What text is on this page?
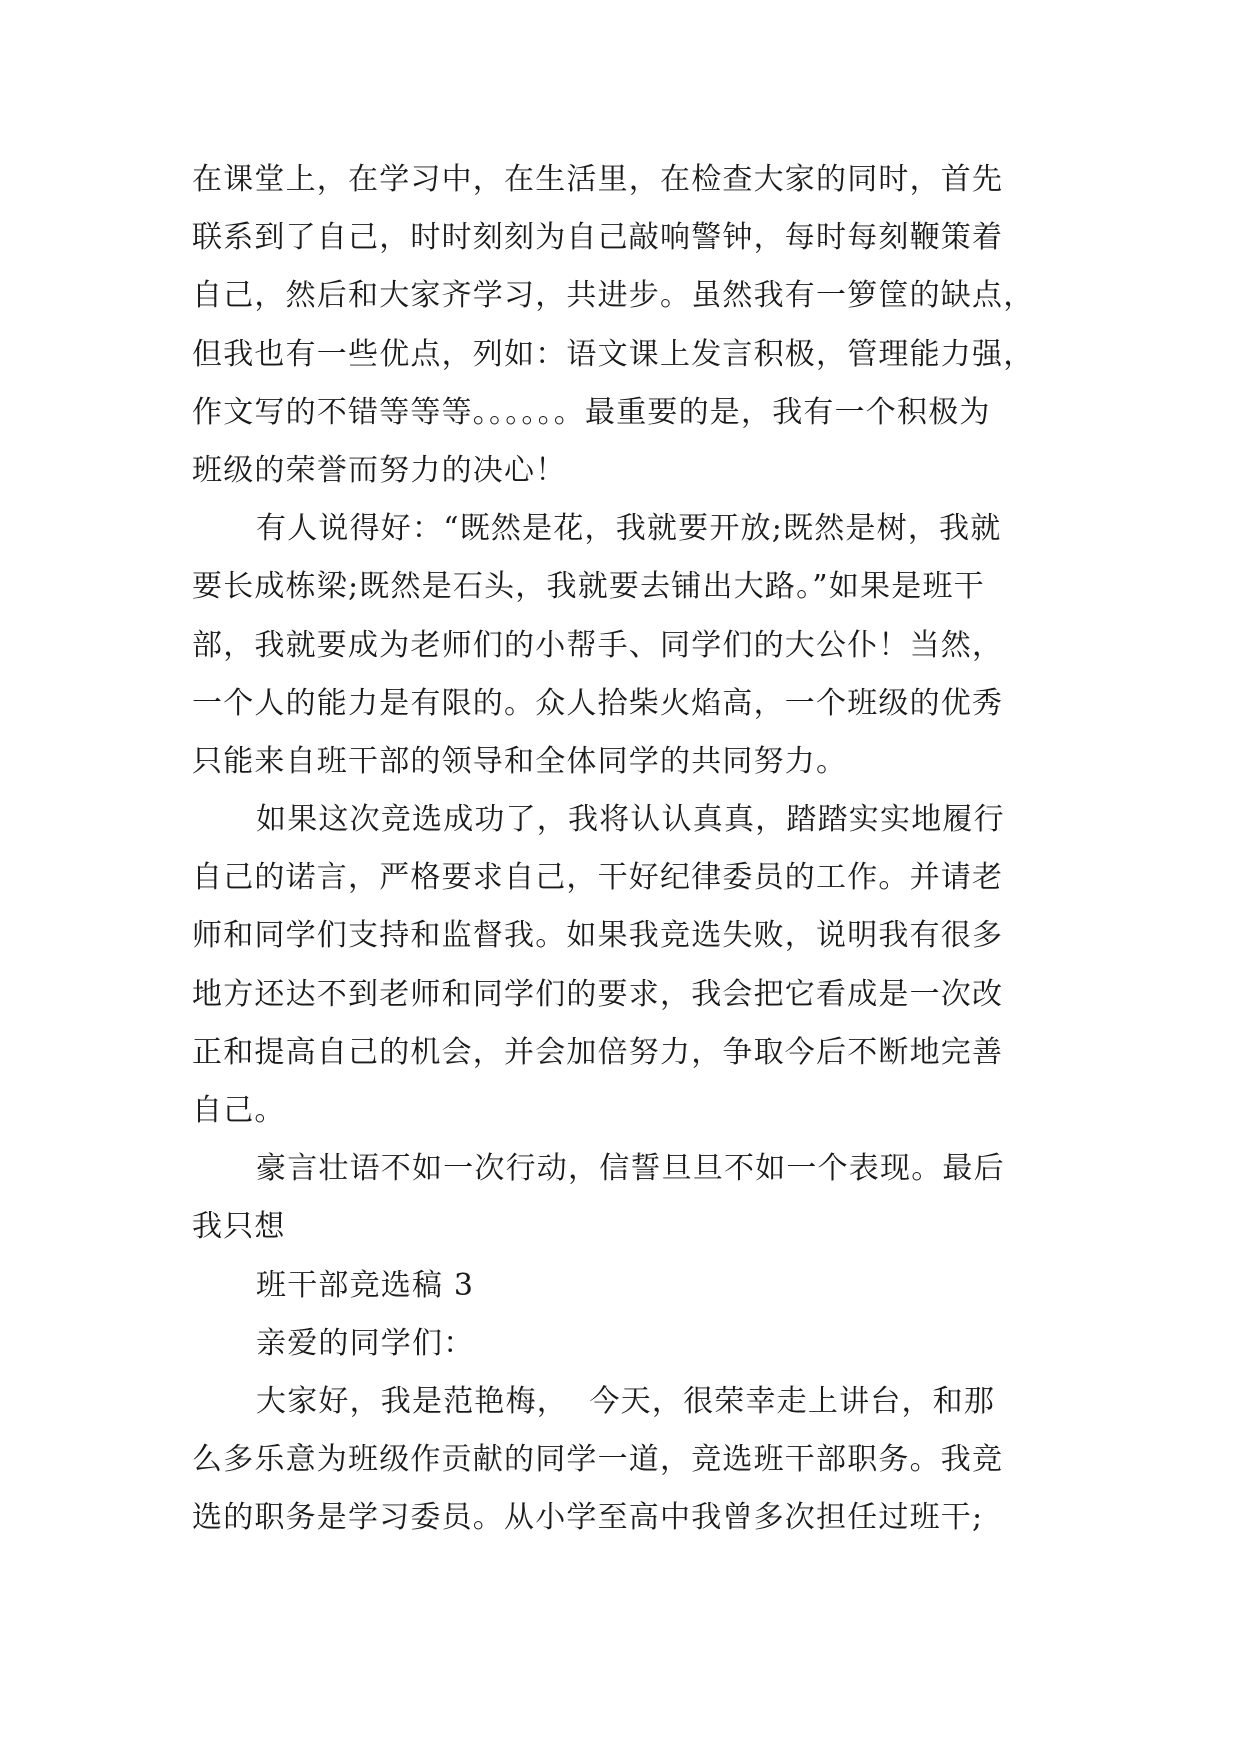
在课堂上，在学习中，在生活里，在检查大家的同时，首先
联系到了自己，时时刻刻为自己敲响警钟，每时每刻鞭策着
自己，然后和大家齐学习，共进步。虽然我有一箩筐的缺点，
但我也有一些优点，列如：语文课上发言积极，管理能力强，
作文写的不错等等等。。。。。。最重要的是，我有一个积极为
班级的荣誉而努力的决心！
有人说得好：“既然是花，我就要开放;既然是树，我就
要长成栋梁;既然是石头，我就要去铺出大路。”如果是班干
部，我就要成为老师们的小帮手、同学们的大公仆！当然，
一个人的能力是有限的。众人拾柴火焰高，一个班级的优秀
只能来自班干部的领导和全体同学的共同努力。
如果这次竞选成功了，我将认认真真，踏踏实实地履行
自己的诺言，严格要求自己，干好纪律委员的工作。并请老
师和同学们支持和监督我。如果我竞选失败，说明我有很多
地方还达不到老师和同学们的要求，我会把它看成是一次改
正和提高自己的机会，并会加倍努力，争取今后不断地完善
自己。
豪言壮语不如一次行动，信誓旦旦不如一个表现。最后
我只想
班干部竞选稿 3
亲爱的同学们：
大家好，我是范艳梅，  今天，很荣幸走上讲台，和那
么多乐意为班级作贡献的同学一道，竞选班干部职务。我竞
选的职务是学习委员。从小学至高中我曾多次担任过班干;
